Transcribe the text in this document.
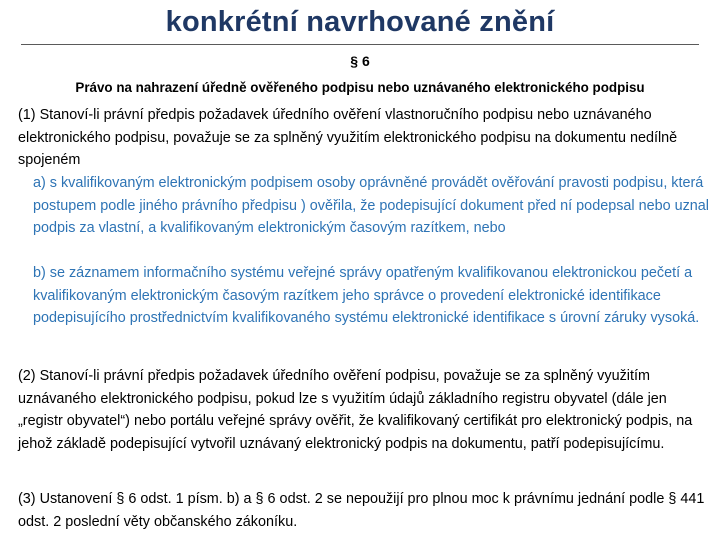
konkrétní navrhované znění
§ 6
Právo na nahrazení úředně ověřeného podpisu nebo uznávaného elektronického podpisu
(1) Stanoví-li právní předpis požadavek úředního ověření vlastnoručního podpisu nebo uznávaného elektronického podpisu, považuje se za splněný využitím elektronického podpisu na dokumentu nedílně spojeném
a) s kvalifikovaným elektronickým podpisem osoby oprávněné provádět ověřování pravosti podpisu, která postupem podle jiného právního předpisu ) ověřila, že podepisující dokument před ní podepsal nebo uznal podpis za vlastní, a kvalifikovaným elektronickým časovým razítkem, nebo
b) se záznamem informačního systému veřejné správy opatřeným kvalifikovanou elektronickou pečetí a kvalifikovaným elektronickým časovým razítkem jeho správce o provedení elektronické identifikace podepisujícího prostřednictvím kvalifikovaného systému elektronické identifikace s úrovní záruky vysoká.
(2) Stanoví-li právní předpis požadavek úředního ověření podpisu, považuje se za splněný využitím uznávaného elektronického podpisu, pokud lze s využitím údajů základního registru obyvatel (dále jen „registr obyvatel“) nebo portálu veřejné správy ověřit, že kvalifikovaný certifikát pro elektronický podpis, na jehož základě podepisující vytvořil uznávaný elektronický podpis na dokumentu, patří podepisujícímu.
(3) Ustanovení § 6 odst. 1 písm. b) a § 6 odst. 2 se nepoužijí pro plnou moc k právnímu jednání podle § 441 odst. 2 poslední věty občanského zákoníku.
